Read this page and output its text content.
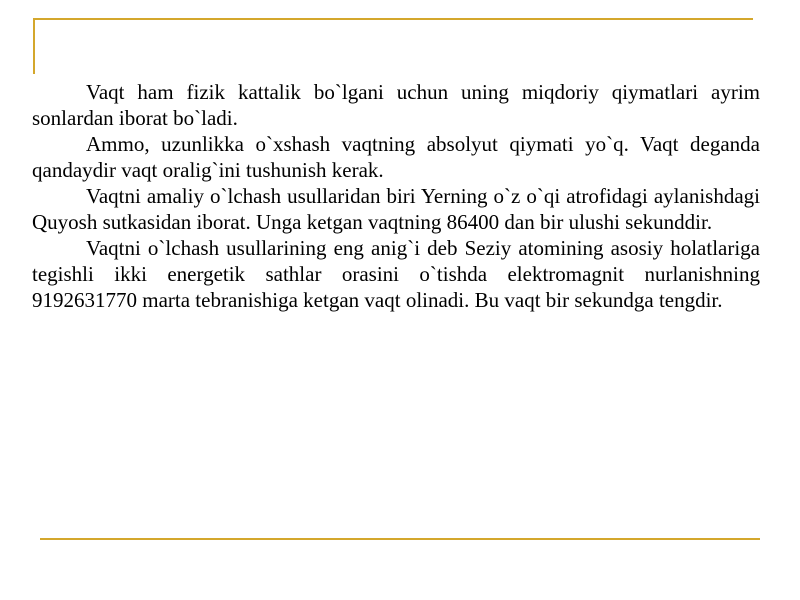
Vaqt ham fizik kattalik bo`lgani uchun uning miqdoriy qiymatlari ayrim sonlardan iborat bo`ladi.

Ammo, uzunlikka o`xshash vaqtning absolyut qiymati yo`q. Vaqt deganda qandaydir vaqt oralig`ini tushunish kerak.

Vaqtni amaliy o`lchash usullaridan biri Yerning o`z o`qi atrofidagi aylanishdagi Quyosh sutkasidan iborat. Unga ketgan vaqtning 86400 dan bir ulushi sekunddir.

Vaqtni o`lchash usullarining eng anig`i deb Seziy atomining asosiy holatlariga tegishli ikki energetik sathlar orasini o`tishda elektromagnit nurlanishning 9192631770 marta tebranishiga ketgan vaqt olinadi. Bu vaqt bir sekundga tengdir.
